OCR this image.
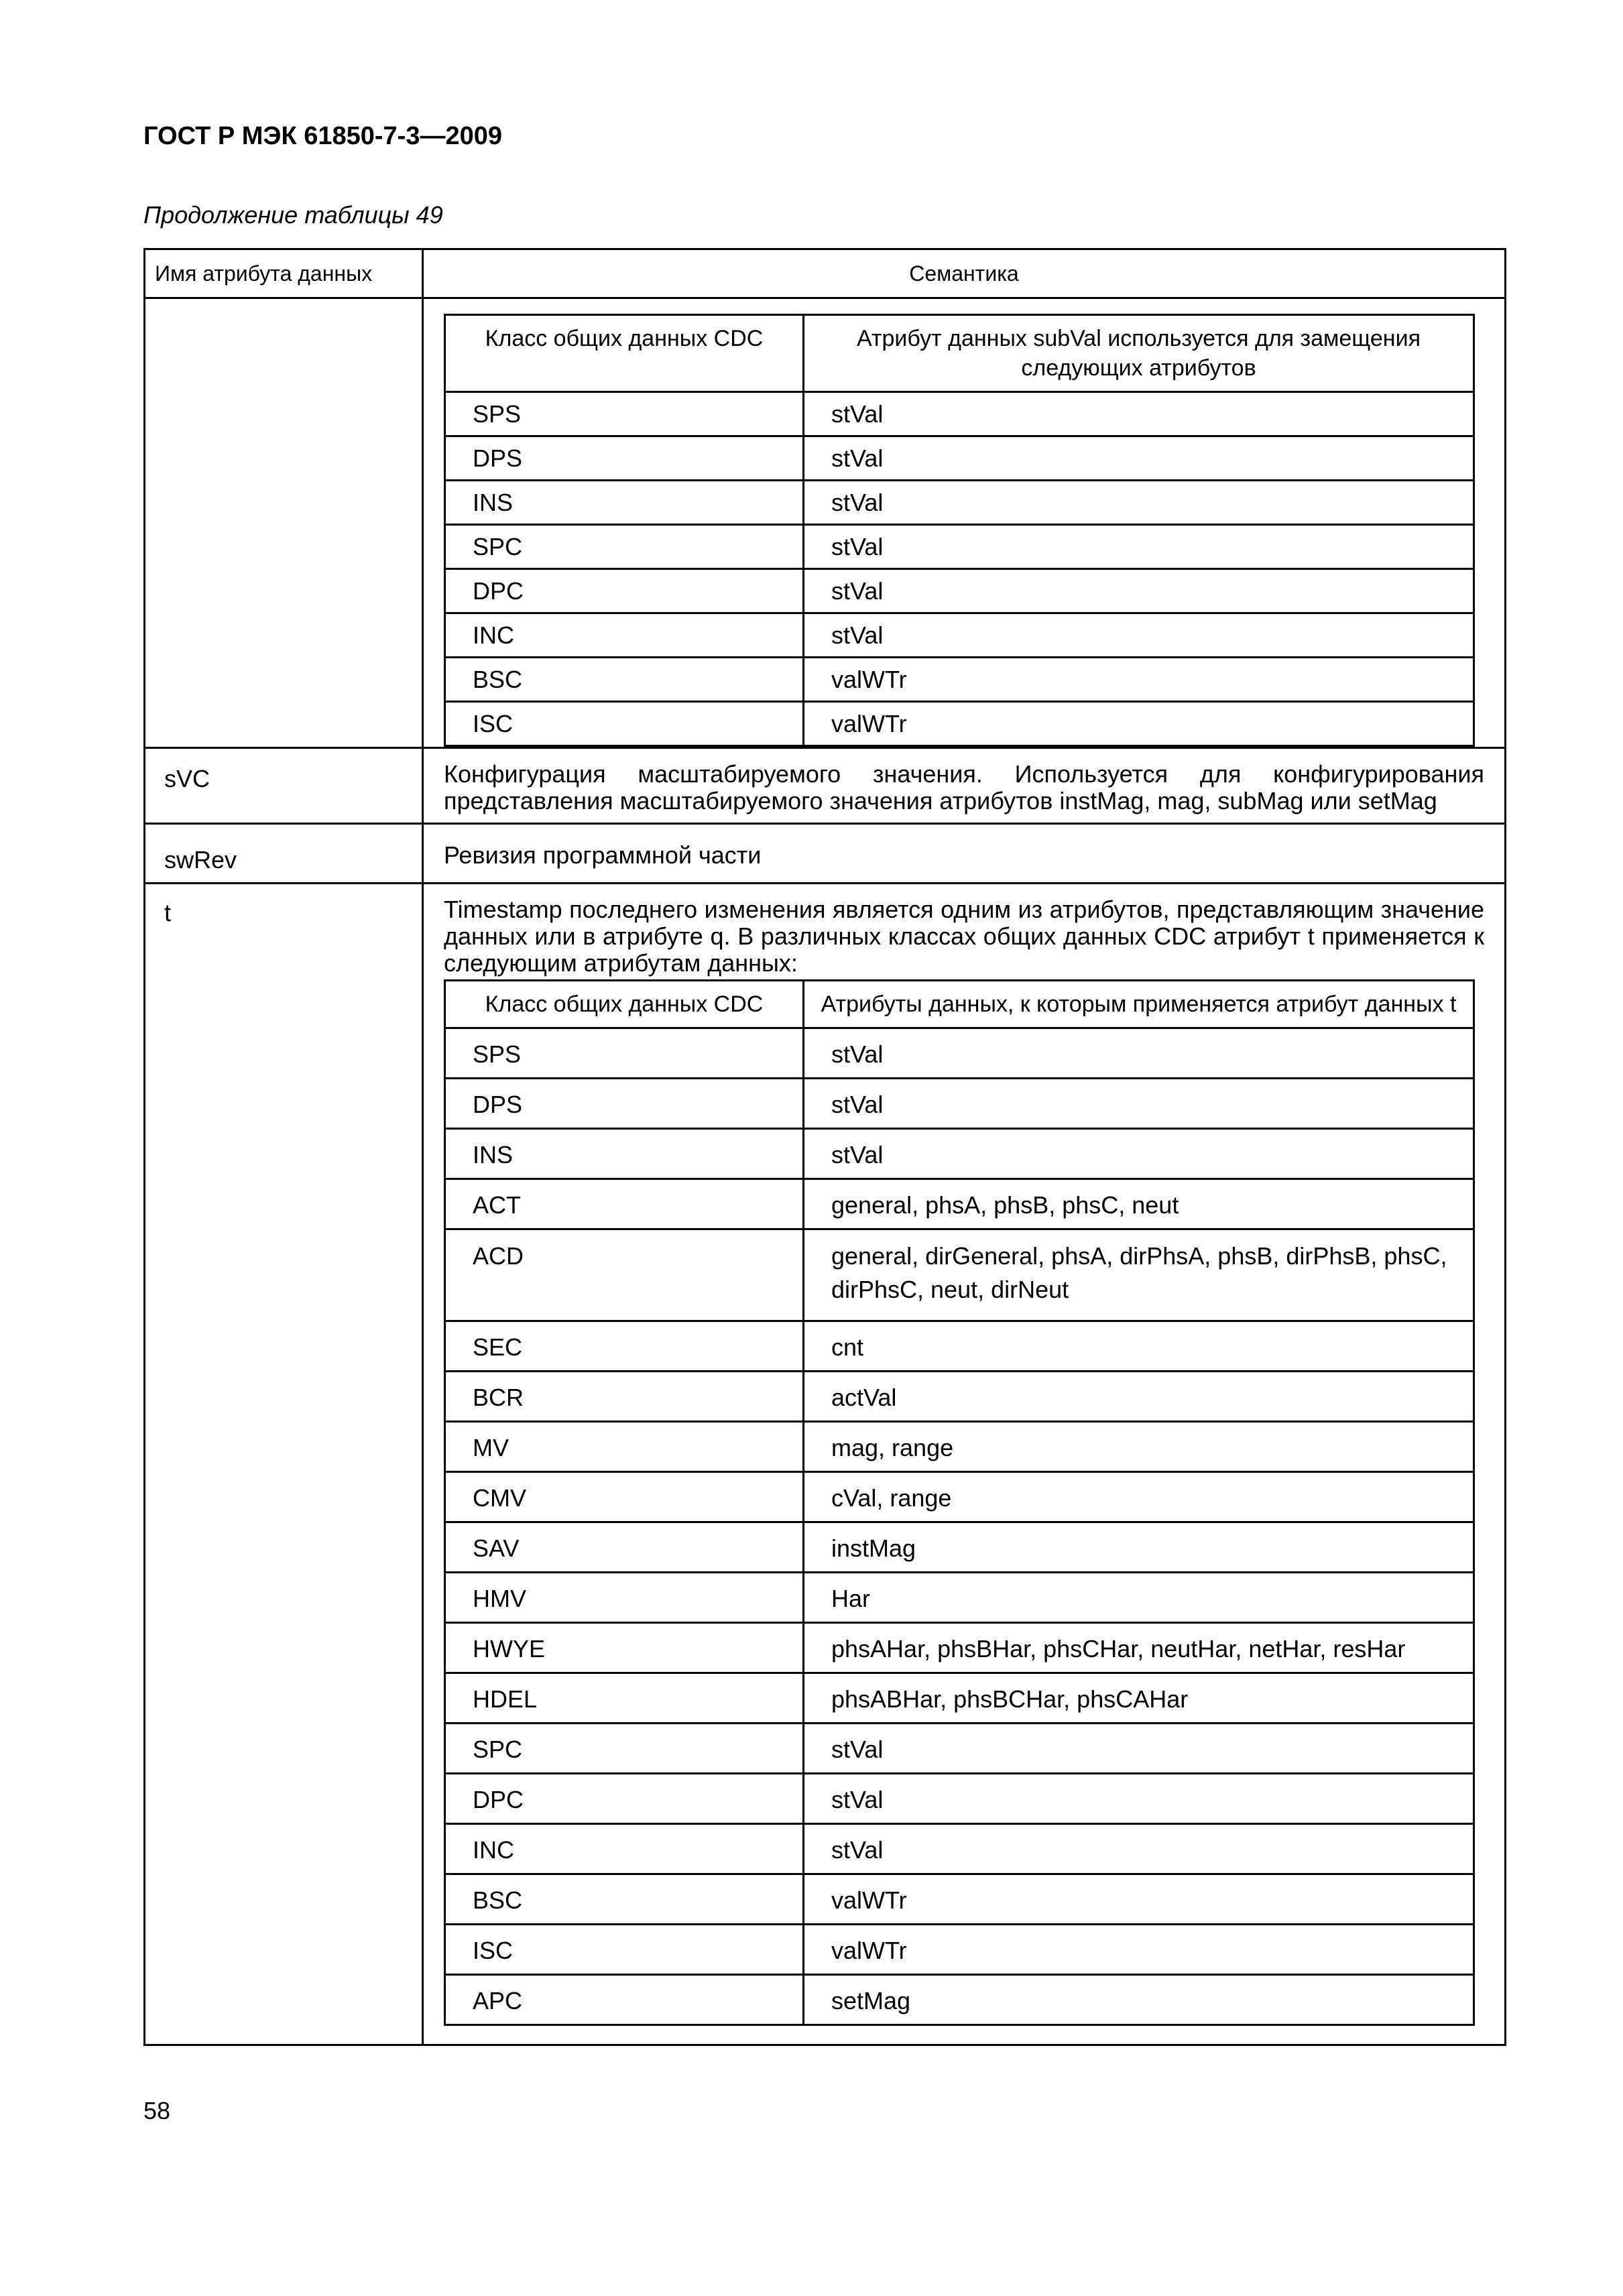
ГОСТ Р МЭК 61850-7-3—2009
Продолжение таблицы 49
Имя атрибута данных	Семантика

Класс общих данных CDC	Атрибут данных subVal используется для замещения следующих атрибутов
SPS	stVal
DPS	stVal
INS	stVal
SPC	stVal
DPC	stVal
INC	stVal
BSC	valWTr
ISC	valWTr

sVC	Конфигурация масштабируемого значения. Используется для конфигурирования представления масштабируемого значения атрибутов instMag, mag, subMag или setMag
swRev	Ревизия программной части
t	Timestamp последнего изменения является одним из атрибутов, представляющим значение данных или в атрибуте q. В различных классах общих данных CDC атрибут t применяется к следующим атрибутам данных:
Класс общих данных CDC	Атрибуты данных, к которым применяется атрибут данных t
SPS	stVal
DPS	stVal
INS	stVal
ACT	general, phsA, phsB, phsC, neut
ACD	general, dirGeneral, phsA, dirPhsA, phsB, dirPhsB, phsC, dirPhsC, neut, dirNeut
SEC	cnt
BCR	actVal
MV	mag, range
CMV	cVal, range
SAV	instMag
HMV	Har
HWYE	phsAHar, phsBHar, phsCHar, neutHar, netHar, resHar
HDEL	phsABHar, phsBCHar, phsCAHar
SPC	stVal
DPC	stVal
INC	stVal
BSC	valWTr
ISC	valWTr
APC	setMag
58
